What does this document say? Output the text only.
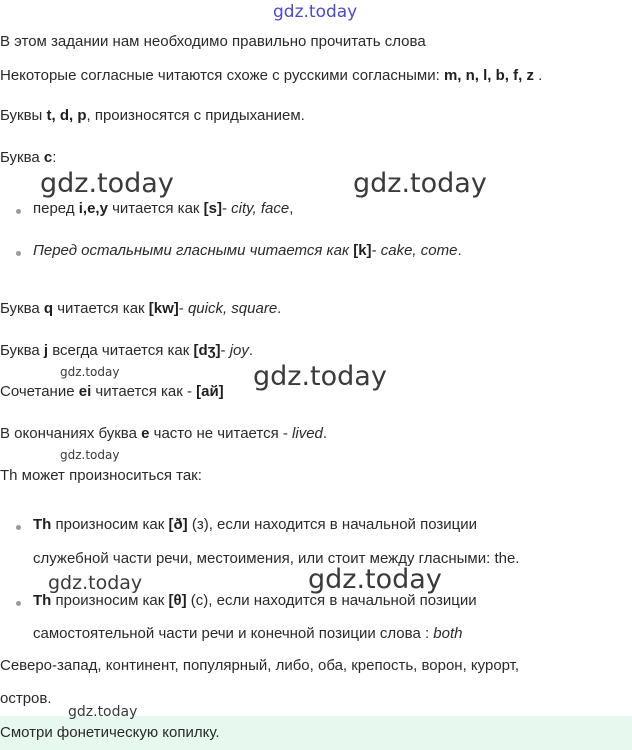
В этом задании нам необходимо правильно прочитать слова
Некоторые согласные читаются схоже с русскими согласными: m, n, l, b, f, z .
Буквы t, d, p, произносятся с придыханием.
Буква c:
перед i,e,y читается как [s]- city, face,
Перед остальными гласными читается как [k]- cake, come.
Буква q читается как [kw]- quick, square.
Буква j всегда читается как [dʒ]- joy.
Сочетание ei читается как - [ай]
В окончаниях буква e часто не читается - lived.
Th может произноситься так:
Th произносим как [ð] (з), если находится в начальной позиции
служебной части речи, местоимения, или стоит между гласными: the.
Th произносим как [θ] (с), если находится в начальной позиции
самостоятельной части речи и конечной позиции слова : both
Северо-запад, континент, популярный, либо, оба, крепость, ворон, курорт,
остров.
Смотри фонетическую копилку.
gdz.today
gdz.today	gdz.today
gdz.today	gdz.today
gdz.today
gdz.today	gdz.today
gdz.today
